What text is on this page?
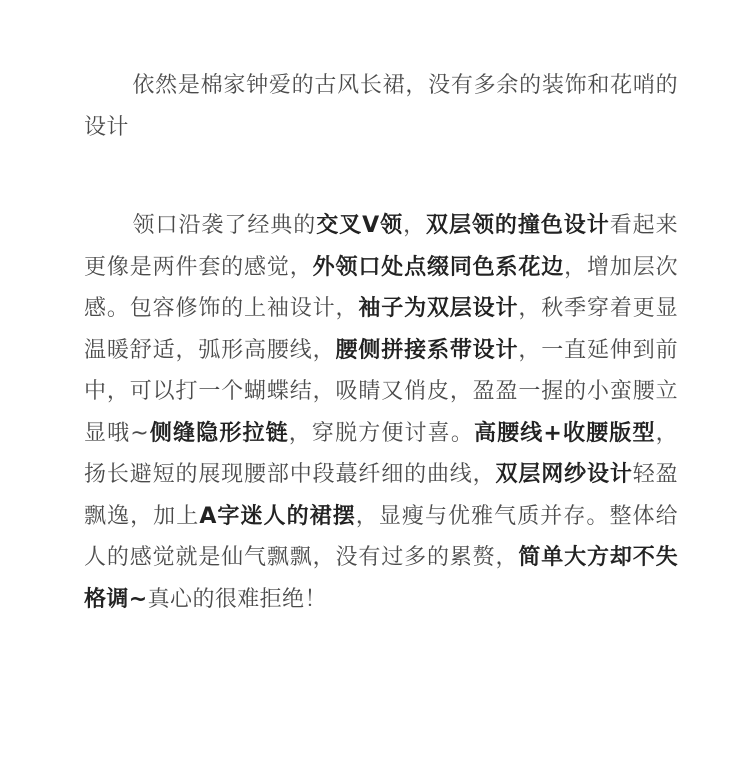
依然是棉家钟爱的古风长裙，没有多余的装饰和花哨的设计

领口沿袭了经典的交叉V领，双层领的撞色设计看起来更像是两件套的感觉，外领口处点缀同色系花边，增加层次感。包容修饰的上袖设计，袖子为双层设计，秋季穿着更显温暖舒适，弧形高腰线，腰侧拼接系带设计，一直延伸到前中，可以打一个蝴蝶结，吸睛又俏皮，盈盈一握的小蛮腰立显哦~侧缝隐形拉链，穿脱方便讨喜。高腰线+收腰版型，扬长避短的展现腰部中段蕞纤细的曲线，双层网纱设计轻盈飘逸，加上A字迷人的裙摆，显瘦与优雅气质并存。整体给人的感觉就是仙气飘飘，没有过多的累赘，简单大方却不失格调~真心的很难拒绝！
